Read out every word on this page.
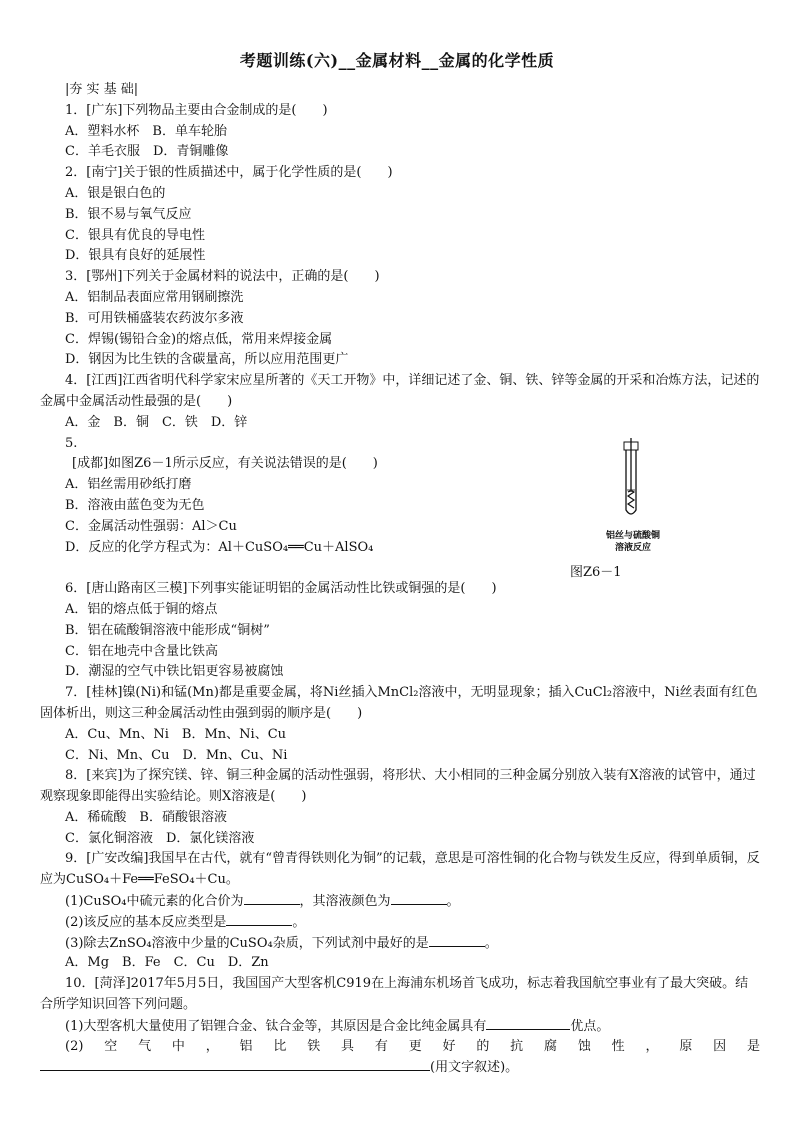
考题训练(六)__金属材料__金属的化学性质
|夯 实 基 础|
1．[广东]下列物品主要由合金制成的是(　　)
A．塑料水杯　B．单车轮胎
C．羊毛衣服　D．青铜雕像
2．[南宁]关于银的性质描述中，属于化学性质的是(　　)
A．银是银白色的
B．银不易与氧气反应
C．银具有优良的导电性
D．银具有良好的延展性
3．[鄂州]下列关于金属材料的说法中，正确的是(　　)
A．铝制品表面应常用钢刷擦洗
B．可用铁桶盛装农药波尔多液
C．焊锡(锡铅合金)的熔点低，常用来焊接金属
D．钢因为比生铁的含碳量高，所以应用范围更广
4．[江西]江西省明代科学家宋应星所著的《天工开物》中，详细记述了金、铜、铁、锌等金属的开采和冶炼方法，记述的金属中金属活动性最强的是(　　)
A．金　B．铜　C．铁　D．锌
5.
[成都]如图Z6－1所示反应，有关说法错误的是(　　)
A．铝丝需用砂纸打磨
B．溶液由蓝色变为无色
C．金属活动性强弱：Al＞Cu
D．反应的化学方程式为：Al＋CuSO₄══Cu＋AlSO₄
6．[唐山路南区三模]下列事实能证明铝的金属活动性比铁或铜强的是(　　)
A．铝的熔点低于铜的熔点
B．铝在硫酸铜溶液中能形成“铜树”
C．铝在地壳中含量比铁高
D．潮湿的空气中铁比铝更容易被腐蚀
7．[桂林]镍(Ni)和锰(Mn)都是重要金属，将Ni丝插入MnCl₂溶液中，无明显现象；插入CuCl₂溶液中，Ni丝表面有红色固体析出，则这三种金属活动性由强到弱的顺序是(　　)
A．Cu、Mn、Ni　B．Mn、Ni、Cu
C．Ni、Mn、Cu　D．Mn、Cu、Ni
8．[来宾]为了探究镁、锌、铜三种金属的活动性强弱，将形状、大小相同的三种金属分别放入装有X溶液的试管中，通过观察现象即能得出实验结论。则X溶液是(　　)
A．稀硫酸　B．硝酸银溶液
C．氯化铜溶液　D．氯化镁溶液
9．[广安改编]我国早在古代，就有“曾青得铁则化为铜”的记载，意思是可溶性铜的化合物与铁发生反应，得到单质铜，反应为CuSO₄＋Fe══FeSO₄＋Cu。
(1)CuSO₄中硫元素的化合价为	，其溶液颜色为	。
(2)该反应的基本反应类型是	。
(3)除去ZnSO₄溶液中少量的CuSO₄杂质，下列试剂中最好的是	。
A．Mg　B．Fe　C．Cu　D．Zn
10．[菏泽]2017年5月5日，我国国产大型客机C919在上海浦东机场首飞成功，标志着我国航空事业有了最大突破。结合所学知识回答下列问题。
(1)大型客机大量使用了铝锂合金、钛合金等，其原因是合金比纯金属具有	优点。
(2) 空 气 中 ， 铝 比 铁 具 有 更 好 的 抗 腐 蚀 性 ， 原 因 是
(用文字叙述)。
铝丝与硫酸铜
溶液反应
图Z6－1
